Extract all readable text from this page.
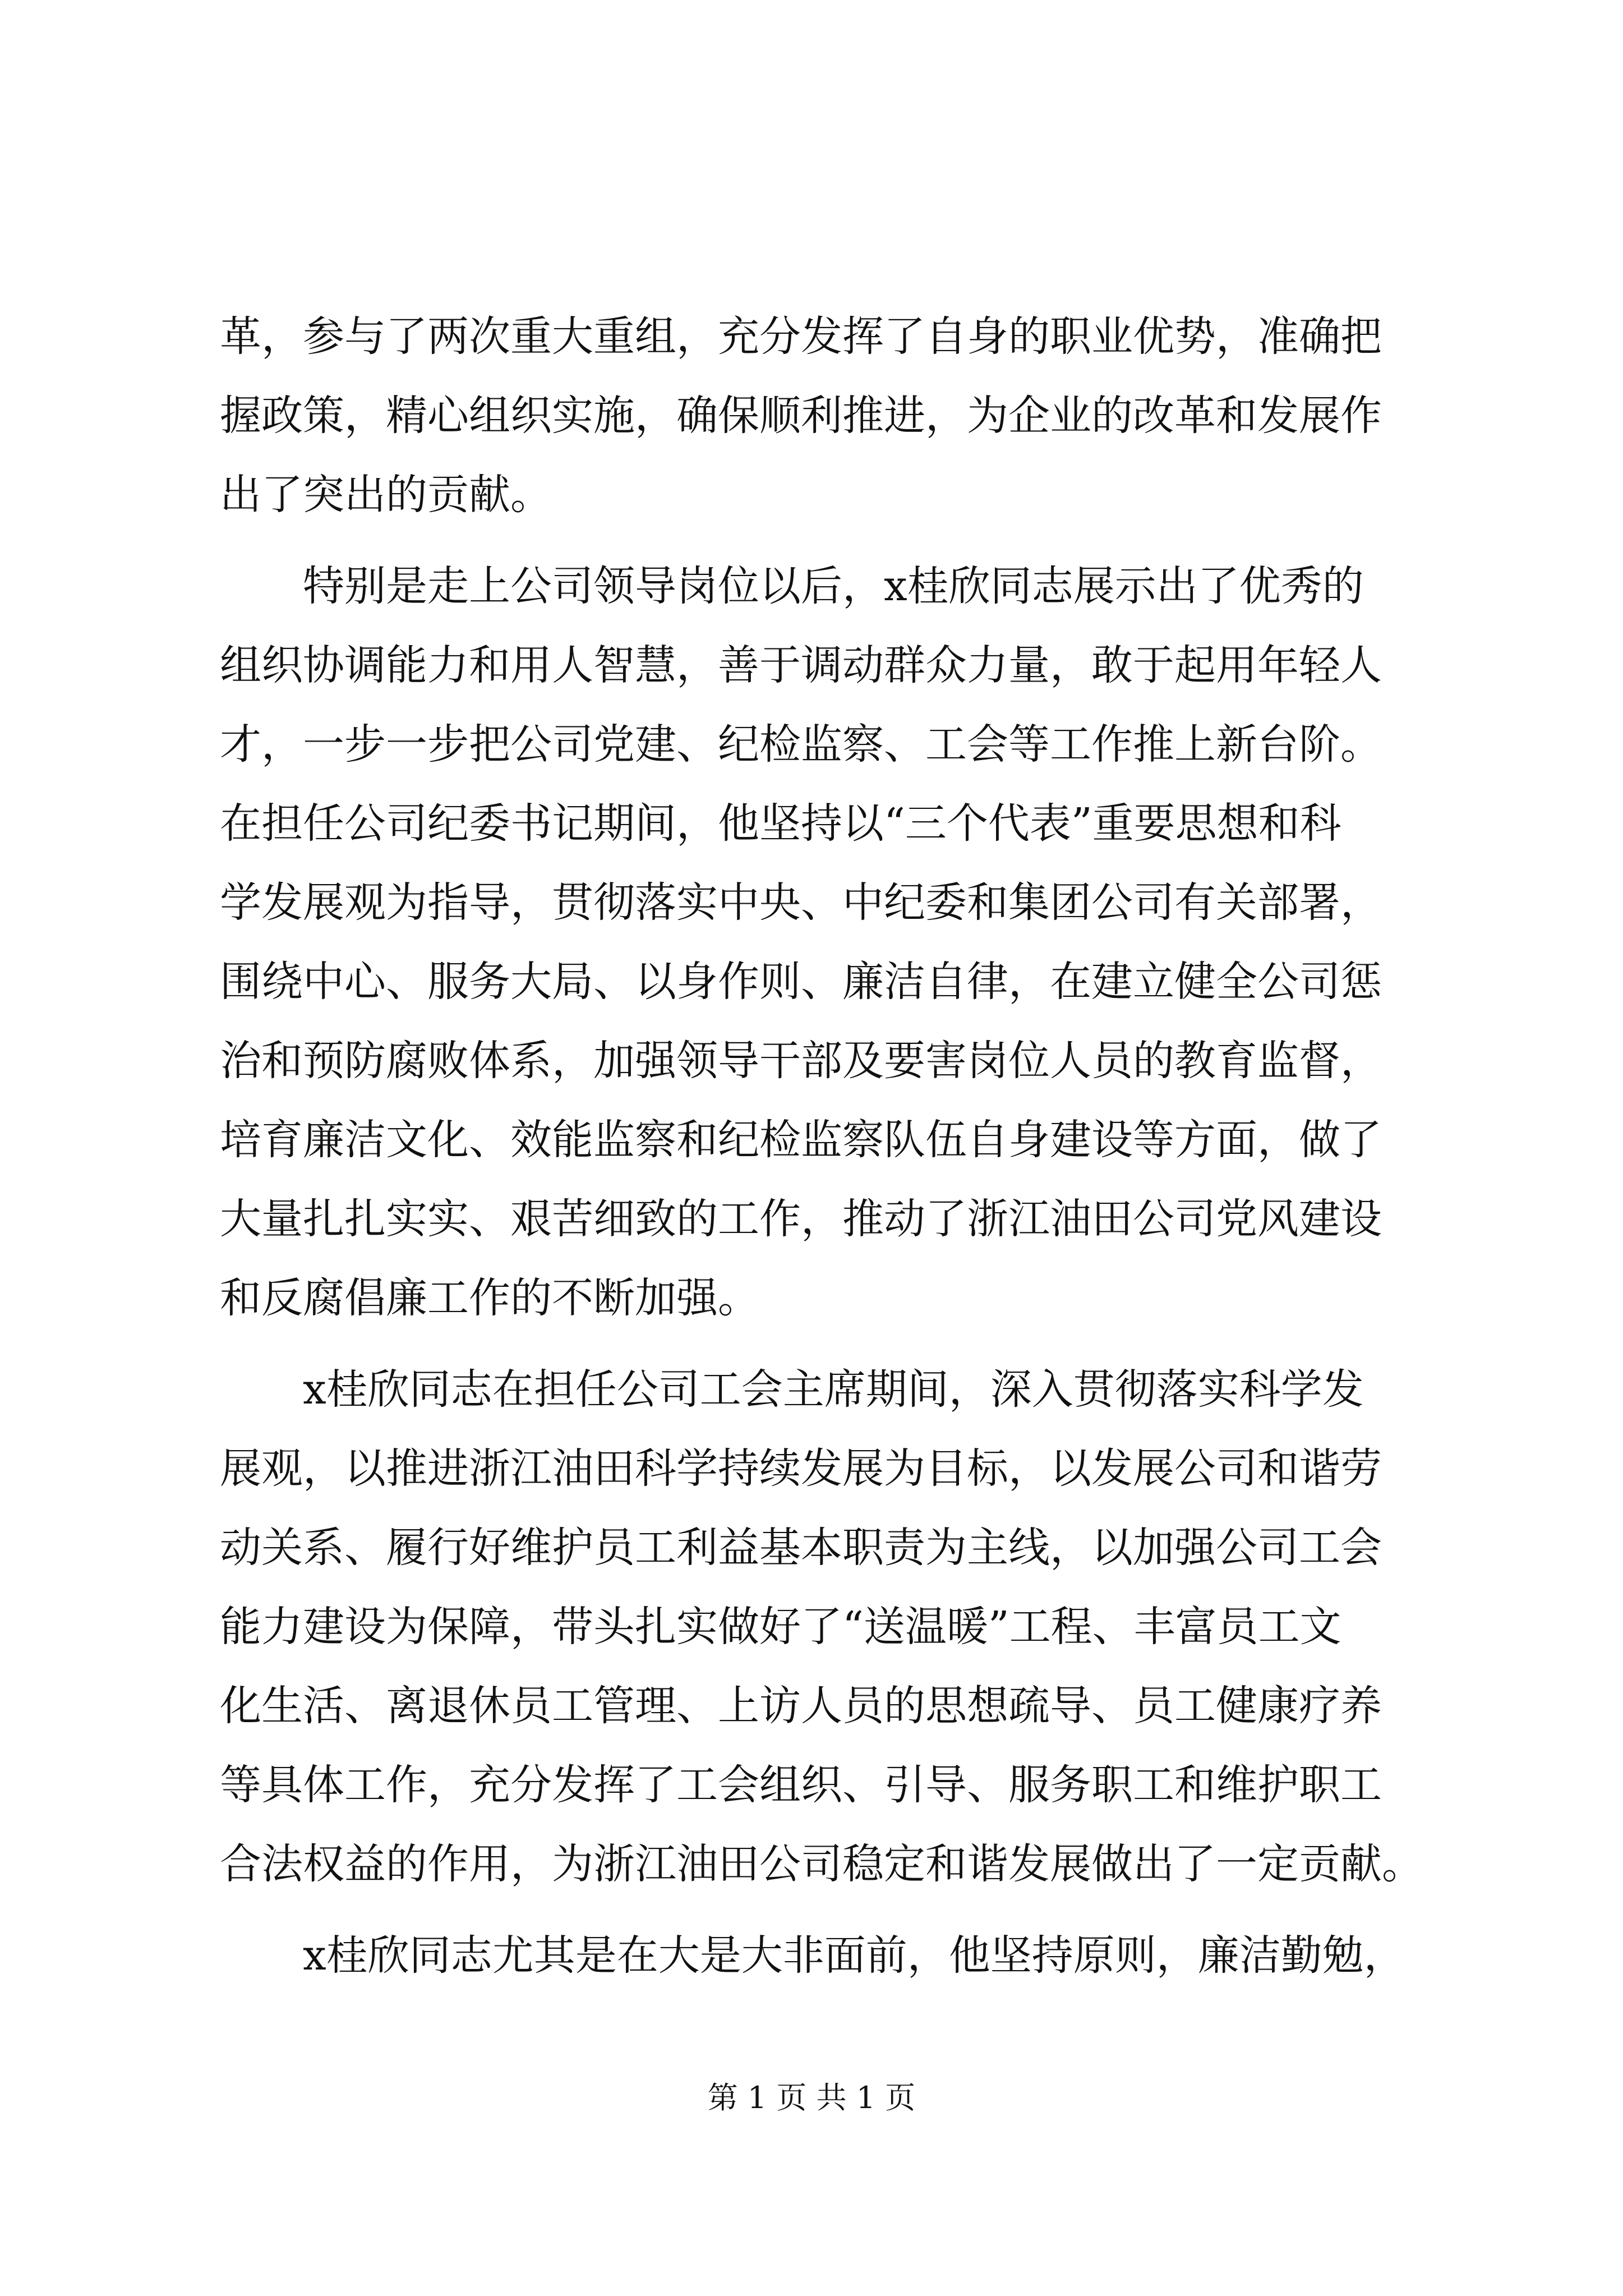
革，参与了两次重大重组，充分发挥了自身的职业优势，准确把
握政策，精心组织实施，确保顺利推进，为企业的改革和发展作
出了突出的贡献。
特别是走上公司领导岗位以后，x桂欣同志展示出了优秀的
组织协调能力和用人智慧，善于调动群众力量，敢于起用年轻人
才，一步一步把公司党建、纪检监察、工会等工作推上新台阶。
在担任公司纪委书记期间，他坚持以“三个代表”重要思想和科
学发展观为指导，贯彻落实中央、中纪委和集团公司有关部署，
围绕中心、服务大局、以身作则、廉洁自律，在建立健全公司惩
治和预防腐败体系，加强领导干部及要害岗位人员的教育监督，
培育廉洁文化、效能监察和纪检监察队伍自身建设等方面，做了
大量扎扎实实、艰苦细致的工作，推动了浙江油田公司党风建设
和反腐倡廉工作的不断加强。
x桂欣同志在担任公司工会主席期间，深入贯彻落实科学发
展观，以推进浙江油田科学持续发展为目标，以发展公司和谐劳
动关系、履行好维护员工利益基本职责为主线，以加强公司工会
能力建设为保障，带头扎实做好了“送温暖”工程、丰富员工文
化生活、离退休员工管理、上访人员的思想疏导、员工健康疗养
等具体工作，充分发挥了工会组织、引导、服务职工和维护职工
合法权益的作用，为浙江油田公司稳定和谐发展做出了一定贡献。
x桂欣同志尤其是在大是大非面前，他坚持原则，廉洁勤勉，
第 1 页 共 1 页
